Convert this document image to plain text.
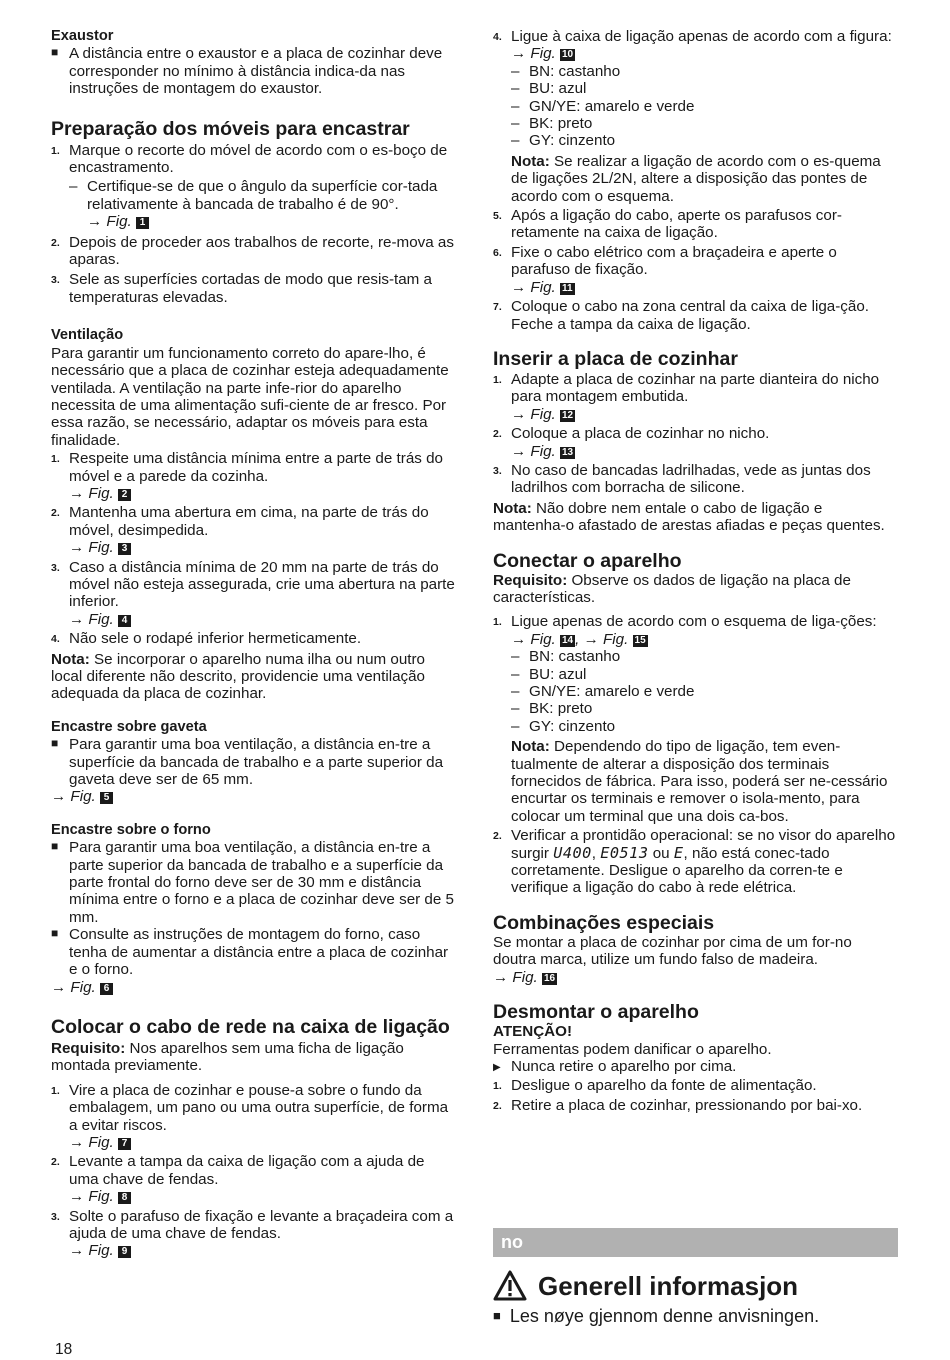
Exaustor

■ A distância entre o exaustor e a placa de cozinhar deve corresponder no mínimo à distância indica-da nas instruções de montagem do exaustor.

Preparação dos móveis para encastrar

1. Marque o recorte do móvel de acordo com o es-boço de encastramento.
– Certifique-se de que o ângulo da superfície cor-tada relativamente à bancada de trabalho é de 90°.

→ Fig. 1

2. Depois de proceder aos trabalhos de recorte, re-mova as aparas.
3. Sele as superfícies cortadas de modo que resis-tam a temperaturas elevadas.

Ventilação

Para garantir um funcionamento correto do apare-lho, é necessário que a placa de cozinhar esteja adequadamente ventilada. A ventilação na parte infe-rior do aparelho necessita de uma alimentação sufi-ciente de ar fresco. Por essa razão, se necessário, adaptar os móveis para esta finalidade.

1. Respeite uma distância mínima entre a parte de trás do móvel e a parede da cozinha.

→ Fig. 2

2. Mantenha uma abertura em cima, na parte de trás do móvel, desimpedida.

→ Fig. 3

3. Caso a distância mínima de 20 mm na parte de trás do móvel não esteja assegurada, crie uma abertura na parte inferior.

→ Fig. 4

4. Não sele o rodapé inferior hermeticamente.

Nota: Se incorporar o aparelho numa ilha ou num outro local diferente não descrito, providencie uma ventilação adequada da placa de cozinhar.

Encastre sobre gaveta

■ Para garantir uma boa ventilação, a distância en-tre a superfície da bancada de trabalho e a parte superior da gaveta deve ser de 65 mm.

→ Fig. 5

Encastre sobre o forno

■ Para garantir uma boa ventilação, a distância en-tre a parte superior da bancada de trabalho e a superfície da parte frontal do forno deve ser de 30 mm e distância mínima entre o forno e a placa de cozinhar deve ser de 5 mm.
■ Consulte as instruções de montagem do forno, caso tenha de aumentar a distância entre a placa de cozinhar e o forno.

→ Fig. 6

Colocar o cabo de rede na caixa de ligação

Requisito: Nos aparelhos sem uma ficha de ligação montada previamente.

1. Vire a placa de cozinhar e pouse-a sobre o fundo da embalagem, um pano ou uma outra superfície, de forma a evitar riscos.

→ Fig. 7

2. Levante a tampa da caixa de ligação com a ajuda de uma chave de fendas.

→ Fig. 8

3. Solte o parafuso de fixação e levante a braçadeira com a ajuda de uma chave de fendas.

→ Fig. 9

4. Ligue à caixa de ligação apenas de acordo com a figura:

→ Fig. 10

– BN: castanho
– BU: azul
– GN/YE: amarelo e verde
– BK: preto
– GY: cinzento

Nota: Se realizar a ligação de acordo com o es-quema de ligações 2L/2N, altere a disposição das pontes de acordo com o esquema.

5. Após a ligação do cabo, aperte os parafusos cor-retamente na caixa de ligação.
6. Fixe o cabo elétrico com a braçadeira e aperte o parafuso de fixação.

→ Fig. 11

7. Coloque o cabo na zona central da caixa de liga-ção. Feche a tampa da caixa de ligação.

Inserir a placa de cozinhar

1. Adapte a placa de cozinhar na parte dianteira do nicho para montagem embutida.

→ Fig. 12

2. Coloque a placa de cozinhar no nicho.

→ Fig. 13

3. No caso de bancadas ladrilhadas, vede as juntas dos ladrilhos com borracha de silicone.

Nota: Não dobre nem entale o cabo de ligação e mantenha-o afastado de arestas afiadas e peças quentes.

Conectar o aparelho

Requisito: Observe os dados de ligação na placa de características.

1. Ligue apenas de acordo com o esquema de liga-ções:

→ Fig. 14 , → Fig. 15

– BN: castanho
– BU: azul
– GN/YE: amarelo e verde
– BK: preto
– GY: cinzento

Nota: Dependendo do tipo de ligação, tem even-tualmente de alterar a disposição dos terminais fornecidos de fábrica. Para isso, poderá ser ne-cessário encurtar os terminais e remover o isola-mento, para colocar um terminal que una dois ca-bos.

2. Verificar a prontidão operacional: se no visor do aparelho surgir U400, E0513 ou E, não está conec-tado corretamente. Desligue o aparelho da corren-te e verifique a ligação do cabo à rede elétrica.

Combinações especiais

Se montar a placa de cozinhar por cima de um for-no doutra marca, utilize um fundo falso de madeira.

→ Fig. 16

Desmontar o aparelho

ATENÇÃO!

Ferramentas podem danificar o aparelho.

▶ Nunca retire o aparelho por cima.
1. Desligue o aparelho da fonte de alimentação.
2. Retire a placa de cozinhar, pressionando por bai-xo.
no
Generell informasjon
■ Les nøye gjennom denne anvisningen.
18
